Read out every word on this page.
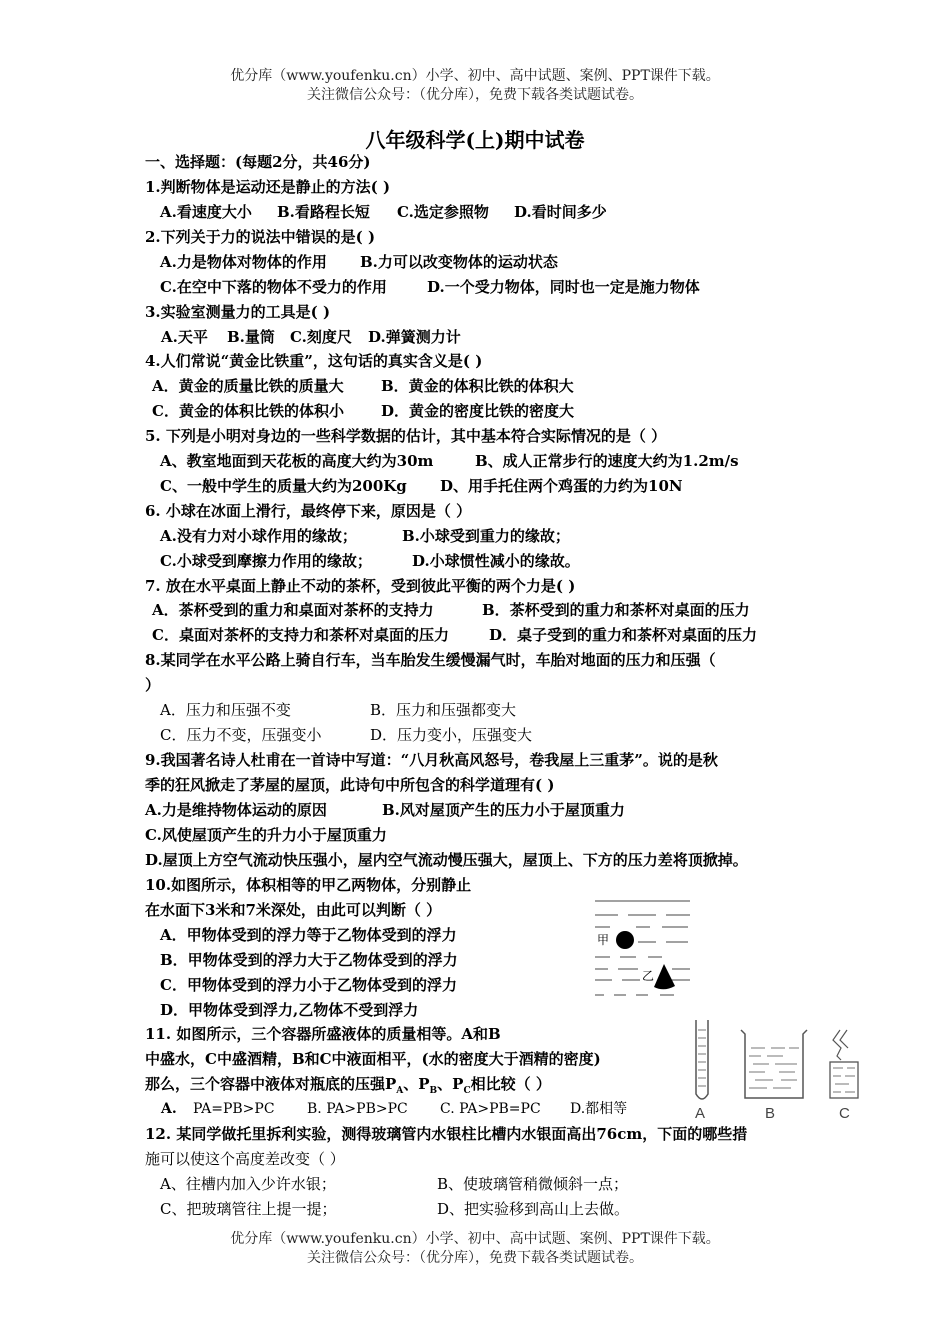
优分库（www.youfenku.cn）小学、初中、高中试题、案例、PPT课件下载。
关注微信公众号：（优分库），免费下载各类试题试卷。
八年级科学(上)期中试卷
一、选择题：(每题2分，共46分)
1.判断物体是运动还是静止的方法( )
A.看速度大小 B.看路程长短 C.选定参照物 D.看时间多少
2.下列关于力的说法中错误的是( )
A.力是物体对物体的作用 B.力可以改变物体的运动状态
C.在空中下落的物体不受力的作用	D.一个受力物体，同时也一定是施力物体
3.实验室测量力的工具是( )
A.天平 B.量筒 C.刻度尺 D.弹簧测力计
4.人们常说“黄金比铁重”，这句话的真实含义是( )
A．黄金的质量比铁的质量大 B．黄金的体积比铁的体积大
C．黄金的体积比铁的体积小 D．黄金的密度比铁的密度大
5. 下列是小明对身边的一些科学数据的估计，其中基本符合实际情况的是（ ）
A、教室地面到天花板的高度大约为30m	B、成人正常步行的速度大约为1.2m/s
C、一般中学生的质量大约为200Kg D、用手托住两个鸡蛋的力约为10N
6. 小球在冰面上滑行，最终停下来，原因是（ ）
A.没有力对小球作用的缘故；	B.小球受到重力的缘故；
C.小球受到摩擦力作用的缘故；	D.小球惯性减小的缘故。
7. 放在水平桌面上静止不动的茶杯，受到彼此平衡的两个力是( )
A．茶杯受到的重力和桌面对茶杯的支持力	B．茶杯受到的重力和茶杯对桌面的压力
C．桌面对茶杯的支持力和茶杯对桌面的压力	D．桌子受到的重力和茶杯对桌面的压力
8.某同学在水平公路上骑自行车，当车胎发生缓慢漏气时，车胎对地面的压力和压强（
）
A．压力和压强不变	B．压力和压强都变大
C．压力不变，压强变小	D．压力变小，压强变大
9.我国著名诗人杜甫在一首诗中写道：“八月秋高风怒号，卷我屋上三重茅”。说的是秋
季的狂风掀走了茅屋的屋顶，此诗句中所包含的科学道理有( )
A.力是维持物体运动的原因	B.风对屋顶产生的压力小于屋顶重力
C.风使屋顶产生的升力小于屋顶重力
D.屋顶上方空气流动快压强小，屋内空气流动慢压强大，屋顶上、下方的压力差将顶掀掉。
10.如图所示，体积相等的甲乙两物体，分别静止
在水面下3米和7米深处，由此可以判断（ ）
A．甲物体受到的浮力等于乙物体受到的浮力
B．甲物体受到的浮力大于乙物体受到的浮力
C．甲物体受到的浮力小于乙物体受到的浮力
D．甲物体受到浮力,乙物体不受到浮力
甲
乙
11. 如图所示，三个容器所盛液体的质量相等。A和B
中盛水，C中盛酒精，B和C中液面相平，(水的密度大于酒精的密度)
那么，三个容器中液体对瓶底的压强$P_A$、$P_B$、$P_C$相比较（ ）
A. PA=PB>PC B. PA>PB>PC C. PA>PB=PC D.都相等	A	B	C
12. 某同学做托里拆利实验，测得玻璃管内水银柱比槽内水银面高出76cm，下面的哪些措
施可以使这个高度差改变（ ）
A、往槽内加入少许水银；	B、使玻璃管稍微倾斜一点；
C、把玻璃管往上提一提；	D、把实验移到高山上去做。
优分库（www.youfenku.cn）小学、初中、高中试题、案例、PPT课件下载。
关注微信公众号：（优分库），免费下载各类试题试卷。
